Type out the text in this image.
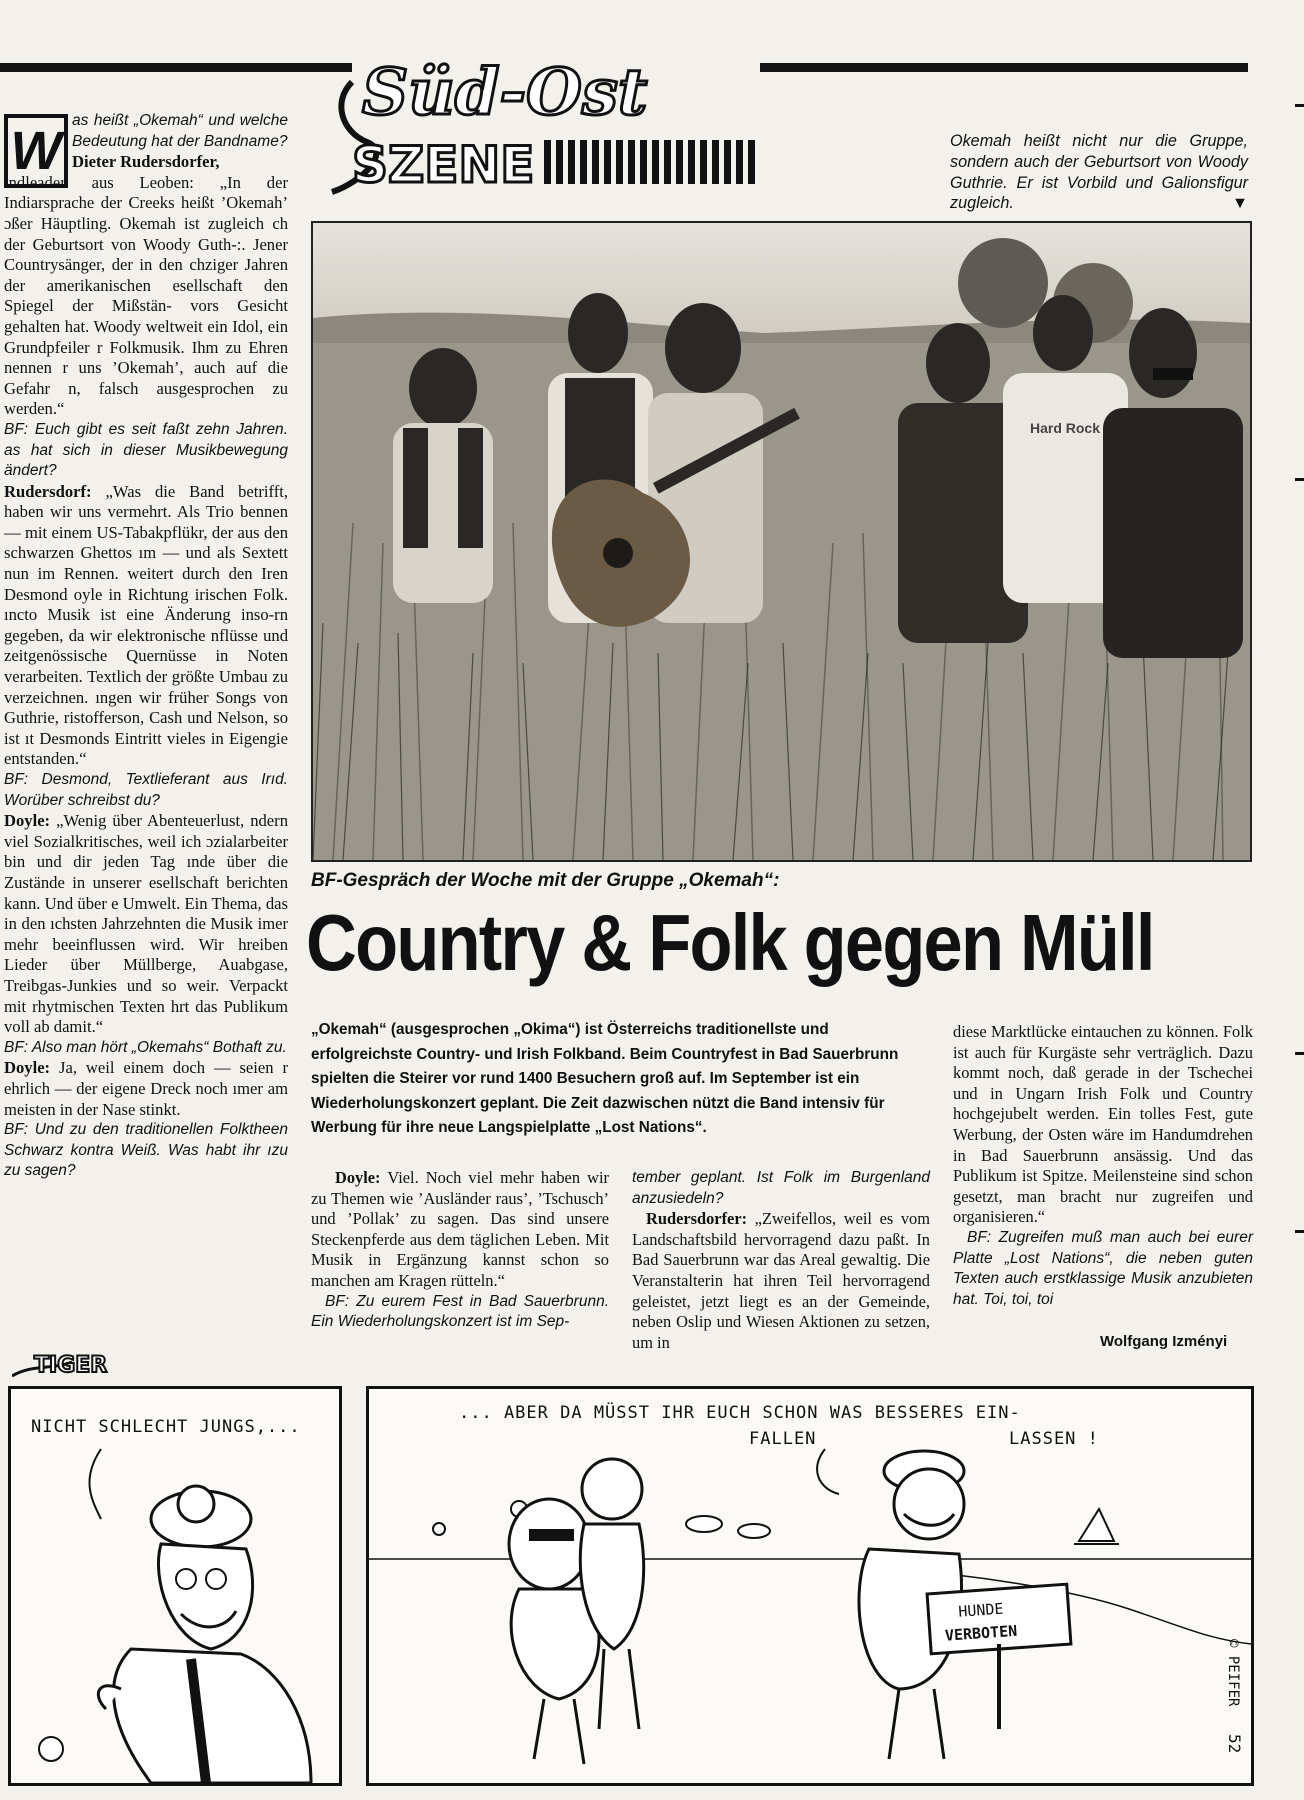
Süd-Ost
SZENE
W

as heißt „Okemah“ und welche Bedeutung hat der Bandname?

Dieter Rudersdorfer,

ındleader aus Leoben: „In der Indiarsprache der Creeks heißt ’Okemah’ ɔßer Häuptling. Okemah ist zugleich ch der Geburtsort von Woody Guth-:. Jener Countrysänger, der in den chziger Jahren der amerikanischen esellschaft den Spiegel der Mißstän- vors Gesicht gehalten hat. Woody weltweit ein Idol, ein Grundpfeiler r Folkmusik. Ihm zu Ehren nennen r uns ’Okemah’, auch auf die Gefahr n, falsch ausgesprochen zu werden.“

BF: Euch gibt es seit faßt zehn Jahren. as hat sich in dieser Musikbewegung ändert?

Rudersdorf: „Was die Band betrifft, haben wir uns vermehrt. Als Trio bennen — mit einem US-Tabakpflükr, der aus den schwarzen Ghettos ım — und als Sextett nun im Rennen. weitert durch den Iren Desmond oyle in Richtung irischen Folk. ıncto Musik ist eine Änderung inso-rn gegeben, da wir elektronische nflüsse und zeitgenössische Quernüsse in Noten verarbeiten. Textlich der größte Umbau zu verzeichnen. ıngen wir früher Songs von Guthrie, ristofferson, Cash und Nelson, so ist ıt Desmonds Eintritt vieles in Eigengie entstanden.“

BF: Desmond, Textlieferant aus Irıd. Worüber schreibst du?

Doyle: „Wenig über Abenteuerlust, ndern viel Sozialkritisches, weil ich ɔzialarbeiter bin und dir jeden Tag ınde über die Zustände in unserer esellschaft berichten kann. Und über e Umwelt. Ein Thema, das in den ıchsten Jahrzehnten die Musik imer mehr beeinflussen wird. Wir hreiben Lieder über Müllberge, Auabgase, Treibgas-Junkies und so weir. Verpackt mit rhytmischen Texten hrt das Publikum voll ab damit.“

BF: Also man hört „Okemahs“ Bothaft zu.

Doyle: Ja, weil einem doch — seien r ehrlich — der eigene Dreck noch ımer am meisten in der Nase stinkt.

BF: Und zu den traditionellen Folktheen Schwarz kontra Weiß. Was habt ihr ızu zu sagen?

Okemah heißt nicht nur die Gruppe, sondern auch der Geburtsort von Woody Guthrie. Er ist Vorbild und Galionsfigur zugleich.	▼
Hard Rock
BF-Gespräch der Woche mit der Gruppe „Okemah“:
Country & Folk gegen Müll
„Okemah“ (ausgesprochen „Okima“) ist Österreichs traditionellste und erfolgreichste Country- und Irish Folkband. Beim Countryfest in Bad Sauerbrunn spielten die Steirer vor rund 1400 Besuchern groß auf. Im September ist ein Wiederholungskonzert geplant. Die Zeit dazwischen nützt die Band intensiv für Werbung für ihre neue Langspielplatte „Lost Nations“.

Doyle: Viel. Noch viel mehr haben wir zu Themen wie ’Ausländer raus’, ’Tschusch’ und ’Pollak’ zu sagen. Das sind unsere Steckenpferde aus dem täglichen Leben. Mit Musik in Ergänzung kannst schon so manchen am Kragen rütteln.“

BF: Zu eurem Fest in Bad Sauerbrunn. Ein Wiederholungskonzert ist im Sep-

tember geplant. Ist Folk im Burgenland anzusiedeln?

Rudersdorfer: „Zweifellos, weil es vom Landschaftsbild hervorragend dazu paßt. In Bad Sauerbrunn war das Areal gewaltig. Die Veranstalterin hat ihren Teil hervorragend geleistet, jetzt liegt es an der Gemeinde, neben Oslip und Wiesen Aktionen zu setzen, um in

diese Marktlücke eintauchen zu können. Folk ist auch für Kurgäste sehr verträglich. Dazu kommt noch, daß gerade in der Tschechei und in Ungarn Irish Folk und Country hochgejubelt werden. Ein tolles Fest, gute Werbung, der Osten wäre im Handumdrehen in Bad Sauerbrunn ansässig. Und das Publikum ist Spitze. Meilensteine sind schon gesetzt, man bracht nur zugreifen und organisieren.“

BF: Zugreifen muß man auch bei eurer Platte „Lost Nations“, die neben guten Texten auch erstklassige Musik anzubieten hat. Toi, toi, toi

Wolfgang Izményi
TIGER
NICHT SCHLECHT JUNGS,...
... ABER DA MÜSST IHR EUCH SCHON WAS BESSERES EIN-
FALLEN	LASSEN !
HUNDE
VERBOTEN
52
© PEIFER
